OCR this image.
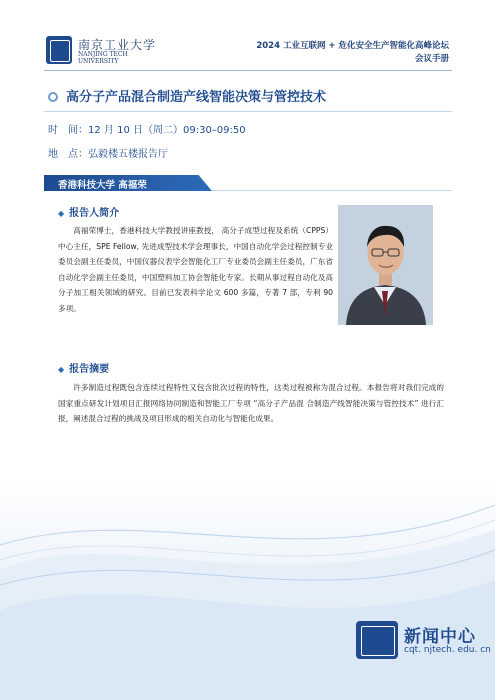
南京工业大学
NANJING TECH UNIVERSITY
2024 工业互联网 + 危化安全生产智能化高峰论坛
会议手册
高分子产品混合制造产线智能决策与管控技术
时　间：12 月 10 日（周二）09:30–09:50
地　点：弘毅楼五楼报告厅
香港科技大学 高福荣
◆ 报告人简介
高福荣博士，香港科技大学教授讲座教授， 高分子成型过程及系统（CPPS）中心主任，SPE Fellow, 先进成型技术学会理事长，中国自动化学会过程控制专业委员会副主任委员，中国仪器仪表学会智能化工厂专业委员会副主任委员，广东省自动化学会副主任委员，中国塑料加工协会智能化专家。长期从事过程自动化及高分子加工相关领域的研究。目前已发表科学论文 600 多篇，专著 7 部，专利 90 多项。
◆ 报告摘要
许多制造过程既包含连续过程特性又包含批次过程的特性，这类过程被称为混合过程。本报告将对我们完成的国家重点研发计划项目汇报网络协同制造和智能工厂专项 “高分子产品混 合制造产线智能决策与管控技术” 进行汇报，阐述混合过程的挑战及项目形成的相关自动化与智能化成果。
新闻中心
cqt. njtech. edu. cn
